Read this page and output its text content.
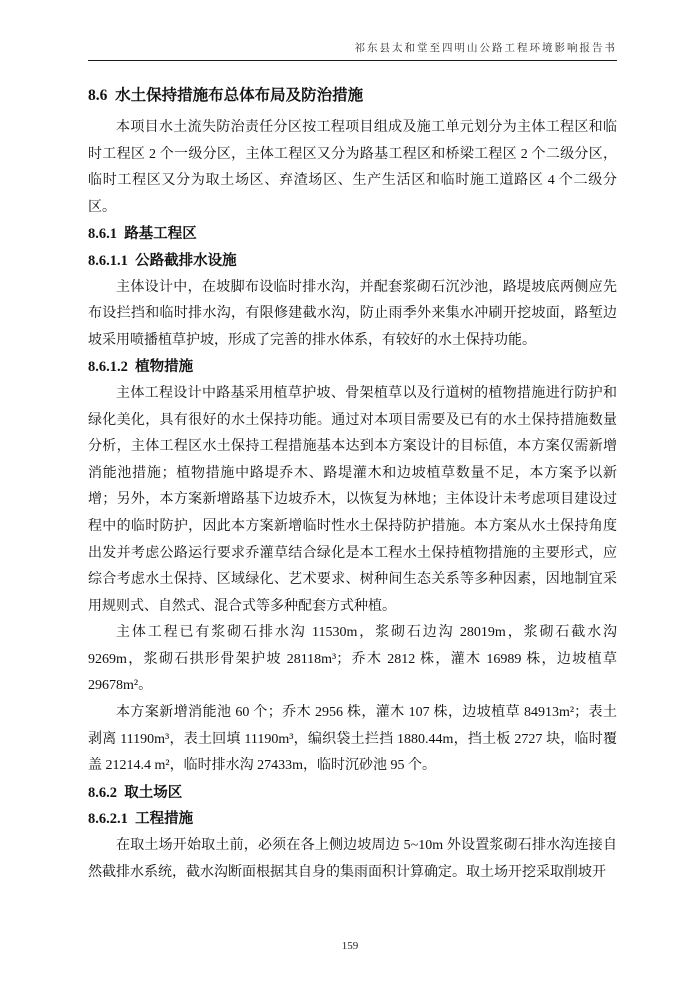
祁东县太和堂至四明山公路工程环境影响报告书
8.6  水土保持措施布总体布局及防治措施

本项目水土流失防治责任分区按工程项目组成及施工单元划分为主体工程区和临时工程区 2 个一级分区，主体工程区又分为路基工程区和桥梁工程区 2 个二级分区，临时工程区又分为取土场区、弃渣场区、生产生活区和临时施工道路区 4 个二级分区。

8.6.1  路基工程区
8.6.1.1  公路截排水设施

主体设计中，在坡脚布设临时排水沟，并配套浆砌石沉沙池，路堤坡底两侧应先布设拦挡和临时排水沟，有限修建截水沟，防止雨季外来集水冲刷开挖坡面，路堑边坡采用喷播植草护坡，形成了完善的排水体系，有较好的水土保持功能。

8.6.1.2  植物措施

主体工程设计中路基采用植草护坡、骨架植草以及行道树的植物措施进行防护和绿化美化，具有很好的水土保持功能。通过对本项目需要及已有的水土保持措施数量分析，主体工程区水土保持工程措施基本达到本方案设计的目标值，本方案仅需新增消能池措施；植物措施中路堤乔木、路堤灌木和边坡植草数量不足，本方案予以新增；另外，本方案新增路基下边坡乔木，以恢复为林地；主体设计未考虑项目建设过程中的临时防护，因此本方案新增临时性水土保持防护措施。本方案从水土保持角度出发并考虑公路运行要求乔灌草结合绿化是本工程水土保持植物措施的主要形式，应综合考虑水土保持、区域绿化、艺术要求、树种间生态关系等多种因素，因地制宜采用规则式、自然式、混合式等多种配套方式种植。

主体工程已有浆砌石排水沟 11530m，浆砌石边沟 28019m，浆砌石截水沟 9269m，浆砌石拱形骨架护坡 28118m³；乔木 2812 株，灌木 16989 株，边坡植草 29678m²。

本方案新增消能池 60 个；乔木 2956 株，灌木 107 株，边坡植草 84913m²；表土剥离 11190m³，表土回填 11190m³，编织袋土拦挡 1880.44m，挡土板 2727 块，临时覆盖 21214.4 m²，临时排水沟 27433m，临时沉砂池 95 个。

8.6.2  取土场区
8.6.2.1  工程措施

在取土场开始取土前，必须在各上侧边坡周边 5~10m 外设置浆砌石排水沟连接自然截排水系统，截水沟断面根据其自身的集雨面积计算确定。取土场开挖采取削坡开

159
